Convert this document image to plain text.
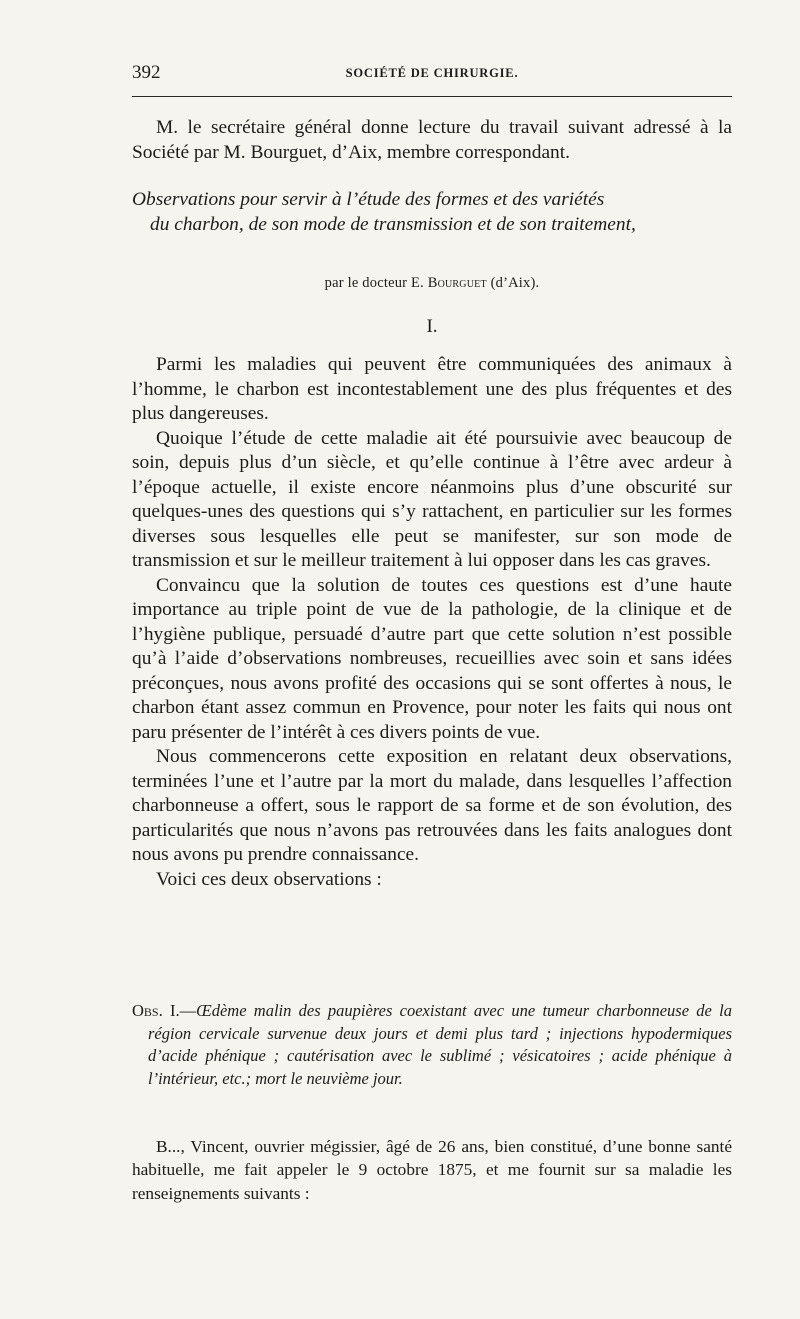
392	SOCIÉTÉ DE CHIRURGIE.

M. le secrétaire général donne lecture du travail suivant adressé à la Société par M. Bourguet, d’Aix, membre correspondant.

Observations pour servir à l’étude des formes et des variétés
du charbon, de son mode de transmission et de son traitement,

par le docteur E. Bourguet (d’Aix).

I.

Parmi les maladies qui peuvent être communiquées des animaux à l’homme, le charbon est incontestablement une des plus fréquentes et des plus dangereuses.

Quoique l’étude de cette maladie ait été poursuivie avec beaucoup de soin, depuis plus d’un siècle, et qu’elle continue à l’être avec ardeur à l’époque actuelle, il existe encore néanmoins plus d’une obscurité sur quelques-unes des questions qui s’y rattachent, en particulier sur les formes diverses sous lesquelles elle peut se manifester, sur son mode de transmission et sur le meilleur traitement à lui opposer dans les cas graves.

Convaincu que la solution de toutes ces questions est d’une haute importance au triple point de vue de la pathologie, de la clinique et de l’hygiène publique, persuadé d’autre part que cette solution n’est possible qu’à l’aide d’observations nombreuses, recueillies avec soin et sans idées préconçues, nous avons profité des occasions qui se sont offertes à nous, le charbon étant assez commun en Provence, pour noter les faits qui nous ont paru présenter de l’intérêt à ces divers points de vue.

Nous commencerons cette exposition en relatant deux observations, terminées l’une et l’autre par la mort du malade, dans lesquelles l’affection charbonneuse a offert, sous le rapport de sa forme et de son évolution, des particularités que nous n’avons pas retrouvées dans les faits analogues dont nous avons pu prendre connaissance.

Voici ces deux observations :

Obs. I.—Œdème malin des paupières coexistant avec une tumeur charbonneuse de la région cervicale survenue deux jours et demi plus tard ; injections hypodermiques d’acide phénique ; cautérisation avec le sublimé ; vésicatoires ; acide phénique à l’intérieur, etc.; mort le neuvième jour.

B..., Vincent, ouvrier mégissier, âgé de 26 ans, bien constitué, d’une bonne santé habituelle, me fait appeler le 9 octobre 1875, et me fournit sur sa maladie les renseignements suivants :
